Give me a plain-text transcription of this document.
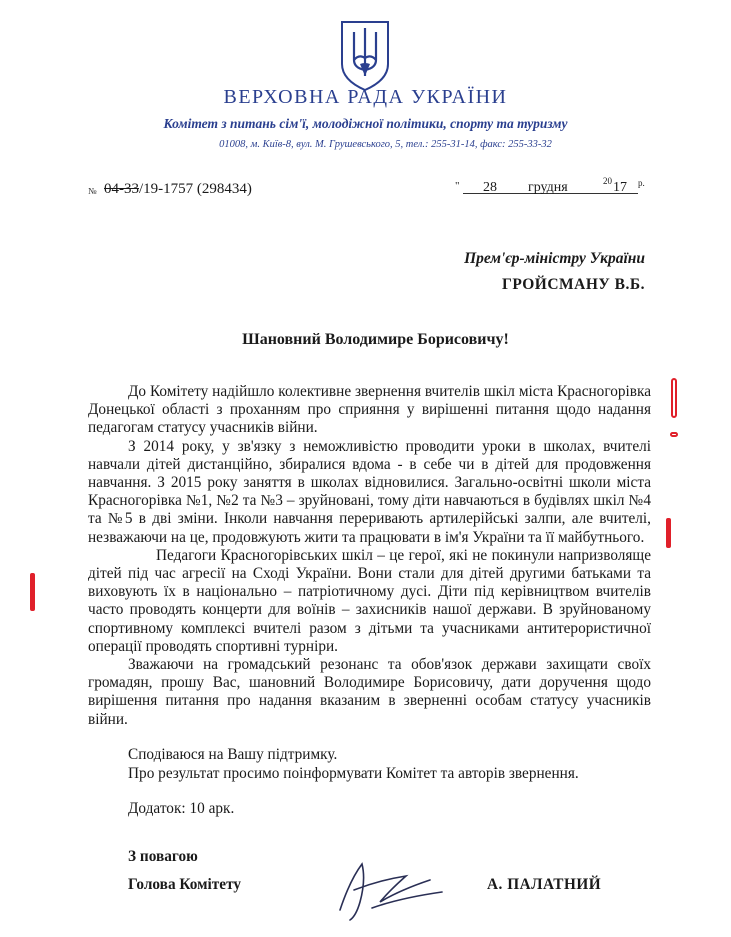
ВЕРХОВНА РАДА УКРАЇНИ
Комітет з питань сім'ї, молодіжної політики, спорту та туризму
01008, м. Київ-8, вул. М. Грушевського, 5, тел.: 255-31-14, факс: 255-33-32
№ 04-33/19-1757 (298434)	" 28 грудня	20 17 р.
Прем'єр-міністру України
ГРОЙСМАНУ В.Б.
Шановний Володимире Борисовичу!

До Комітету надійшло колективне звернення вчителів шкіл міста Красногорівка Донецької області з проханням про сприяння у вирішенні питання щодо надання педагогам статусу учасників війни.

З 2014 року, у зв'язку з неможливістю проводити уроки в школах, вчителі навчали дітей дистанційно, збиралися вдома - в себе чи в дітей для продовження навчання. З 2015 року заняття в школах відновилися. Загально-освітні школи міста Красногорівка №1, №2 та №3 – зруйновані, тому діти навчаються в будівлях шкіл №4 та №5 в дві зміни. Інколи навчання переривають артилерійські залпи, але вчителі, незважаючи на це, продовжують жити та працювати в ім'я України та її майбутнього.

Педагоги Красногорівських шкіл – це герої, які не покинули напризволяще дітей під час агресії на Сході України. Вони стали для дітей другими батьками та виховують їх в національно – патріотичному дусі. Діти під керівництвом вчителів часто проводять концерти для воїнів – захисників нашої держави. В зруйнованому спортивному комплексі вчителі разом з дітьми та учасниками антитерористичної операції проводять спортивні турніри.

Зважаючи на громадський резонанс та обов'язок держави захищати своїх громадян, прошу Вас, шановний Володимире Борисовичу, дати доручення щодо вирішення питання про надання вказаним в зверненні особам статусу учасників війни.

Сподіваюся на Вашу підтримку.
Про результат просимо поінформувати Комітет та авторів звернення.
Додаток: 10 арк.
З повагою
Голова Комітету	А. ПАЛАТНИЙ
